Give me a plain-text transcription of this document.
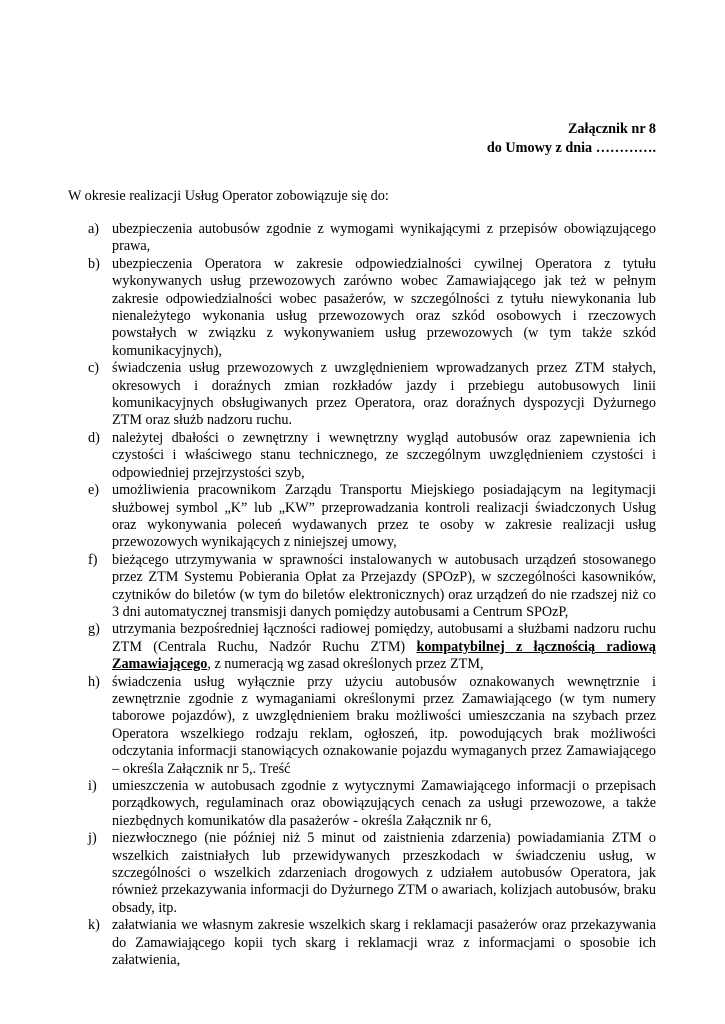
Załącznik nr 8
do Umowy z dnia ………….
W okresie realizacji Usług Operator zobowiązuje się do:

a) ubezpieczenia autobusów zgodnie z wymogami wynikającymi z przepisów obowiązującego prawa,

b) ubezpieczenia Operatora w zakresie odpowiedzialności cywilnej Operatora z tytułu wykonywanych usług przewozowych zarówno wobec Zamawiającego jak też w pełnym zakresie odpowiedzialności wobec pasażerów, w szczególności z tytułu niewykonania lub nienależytego wykonania usług przewozowych oraz szkód osobowych i rzeczowych powstałych w związku z wykonywaniem usług przewozowych (w tym także szkód komunikacyjnych),

c) świadczenia usług przewozowych z uwzględnieniem wprowadzanych przez ZTM stałych, okresowych i doraźnych zmian rozkładów jazdy i przebiegu autobusowych linii komunikacyjnych obsługiwanych przez Operatora, oraz doraźnych dyspozycji Dyżurnego ZTM oraz służb nadzoru ruchu.

d) należytej dbałości o zewnętrzny i wewnętrzny wygląd autobusów oraz zapewnienia ich czystości i właściwego stanu technicznego, ze szczególnym uwzględnieniem czystości i odpowiedniej przejrzystości szyb,

e) umożliwienia pracownikom Zarządu Transportu Miejskiego posiadającym na legitymacji służbowej symbol „K” lub „KW” przeprowadzania kontroli realizacji świadczonych Usług oraz wykonywania poleceń wydawanych przez te osoby w zakresie realizacji usług przewozowych wynikających z niniejszej umowy,

f) bieżącego utrzymywania w sprawności instalowanych w autobusach urządzeń stosowanego przez ZTM Systemu Pobierania Opłat za Przejazdy (SPOzP), w szczególności kasowników, czytników do biletów (w tym do biletów elektronicznych) oraz urządzeń do nie rzadszej niż co 3 dni automatycznej transmisji danych pomiędzy autobusami a Centrum SPOzP,

g) utrzymania bezpośredniej łączności radiowej pomiędzy, autobusami a służbami nadzoru ruchu ZTM (Centrala Ruchu, Nadzór Ruchu ZTM) kompatybilnej z łącznością radiową Zamawiającego, z numeracją wg zasad określonych przez ZTM,

h) świadczenia usług wyłącznie przy użyciu autobusów oznakowanych wewnętrznie i zewnętrznie zgodnie z wymaganiami określonymi przez Zamawiającego (w tym numery taborowe pojazdów), z uwzględnieniem braku możliwości umieszczania na szybach przez Operatora wszelkiego rodzaju reklam, ogłoszeń, itp. powodujących brak możliwości odczytania informacji stanowiących oznakowanie pojazdu wymaganych przez Zamawiającego – określa Załącznik nr 5,. Treść

i) umieszczenia w autobusach zgodnie z wytycznymi Zamawiającego informacji o przepisach porządkowych, regulaminach oraz obowiązujących cenach za usługi przewozowe, a także niezbędnych komunikatów dla pasażerów - określa Załącznik nr 6,

j) niezwłocznego (nie później niż 5 minut od zaistnienia zdarzenia) powiadamiania ZTM o wszelkich zaistniałych lub przewidywanych przeszkodach w świadczeniu usług, w szczególności o wszelkich zdarzeniach drogowych z udziałem autobusów Operatora, jak również przekazywania informacji do Dyżurnego ZTM o awariach, kolizjach autobusów, braku obsady, itp.

k) załatwiania we własnym zakresie wszelkich skarg i reklamacji pasażerów oraz przekazywania do Zamawiającego kopii tych skarg i reklamacji wraz z informacjami o sposobie ich załatwienia,
